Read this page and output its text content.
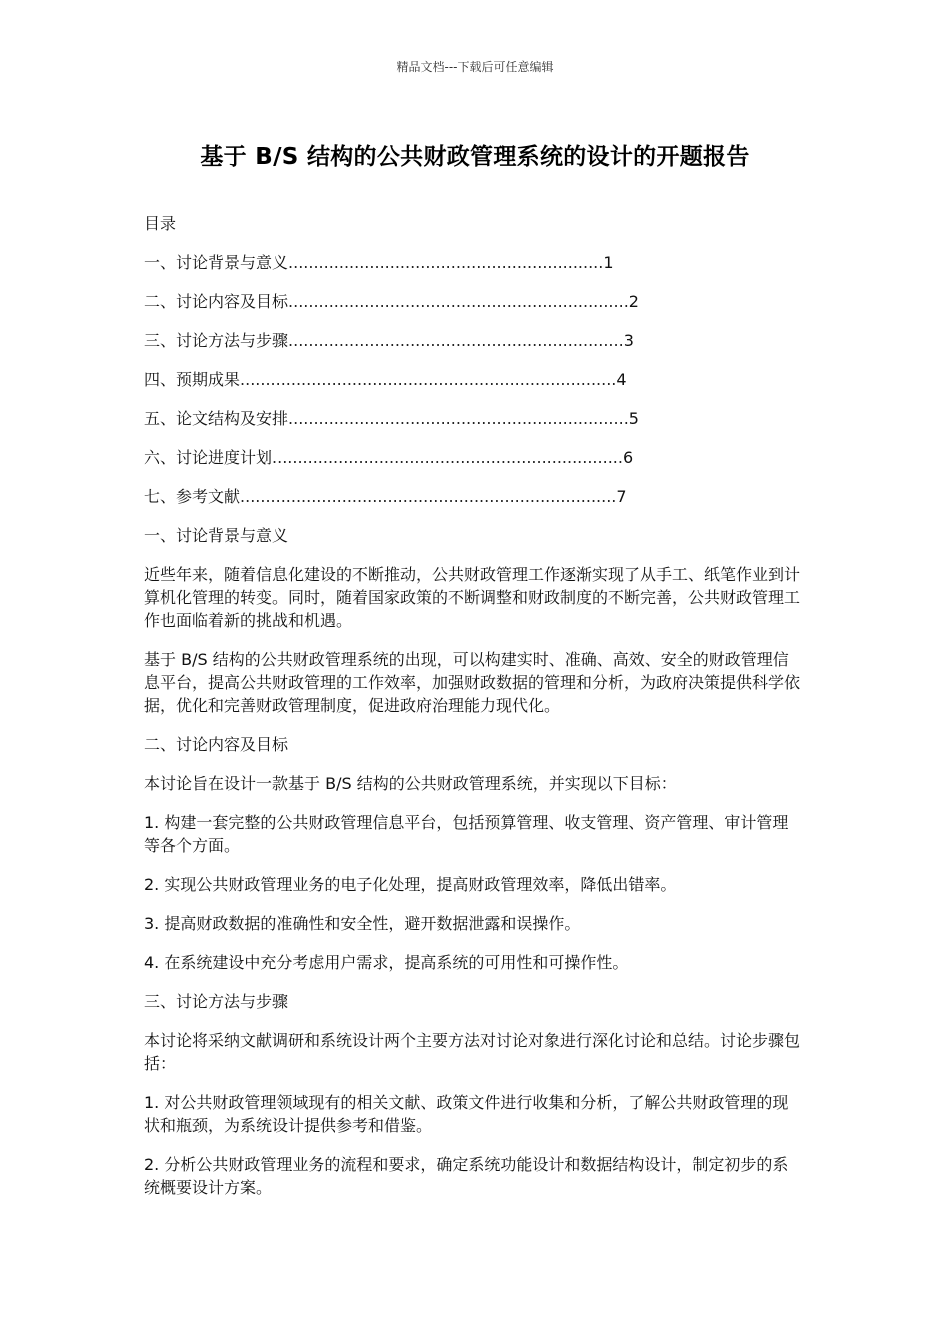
精品文档---下载后可任意编辑
基于 B/S 结构的公共财政管理系统的设计的开题报告
目录
一、讨论背景与意义..............................................................1
二、讨论内容及目标...................................................................2
三、讨论方法与步骤..................................................................3
四、预期成果..........................................................................4
五、论文结构及安排...................................................................5
六、讨论进度计划.....................................................................6
七、参考文献..........................................................................7
一、讨论背景与意义

近些年来，随着信息化建设的不断推动，公共财政管理工作逐渐实现了从手工、纸笔作业到计算机化管理的转变。同时，随着国家政策的不断调整和财政制度的不断完善，公共财政管理工作也面临着新的挑战和机遇。

基于 B/S 结构的公共财政管理系统的出现，可以构建实时、准确、高效、安全的财政管理信息平台，提高公共财政管理的工作效率，加强财政数据的管理和分析，为政府决策提供科学依据，优化和完善财政管理制度，促进政府治理能力现代化。

二、讨论内容及目标

本讨论旨在设计一款基于 B/S 结构的公共财政管理系统，并实现以下目标：

1. 构建一套完整的公共财政管理信息平台，包括预算管理、收支管理、资产管理、审计管理等各个方面。

2. 实现公共财政管理业务的电子化处理，提高财政管理效率，降低出错率。

3. 提高财政数据的准确性和安全性，避开数据泄露和误操作。

4. 在系统建设中充分考虑用户需求，提高系统的可用性和可操作性。

三、讨论方法与步骤

本讨论将采纳文献调研和系统设计两个主要方法对讨论对象进行深化讨论和总结。讨论步骤包括：

1. 对公共财政管理领域现有的相关文献、政策文件进行收集和分析，了解公共财政管理的现状和瓶颈，为系统设计提供参考和借鉴。

2. 分析公共财政管理业务的流程和要求，确定系统功能设计和数据结构设计，制定初步的系统概要设计方案。
